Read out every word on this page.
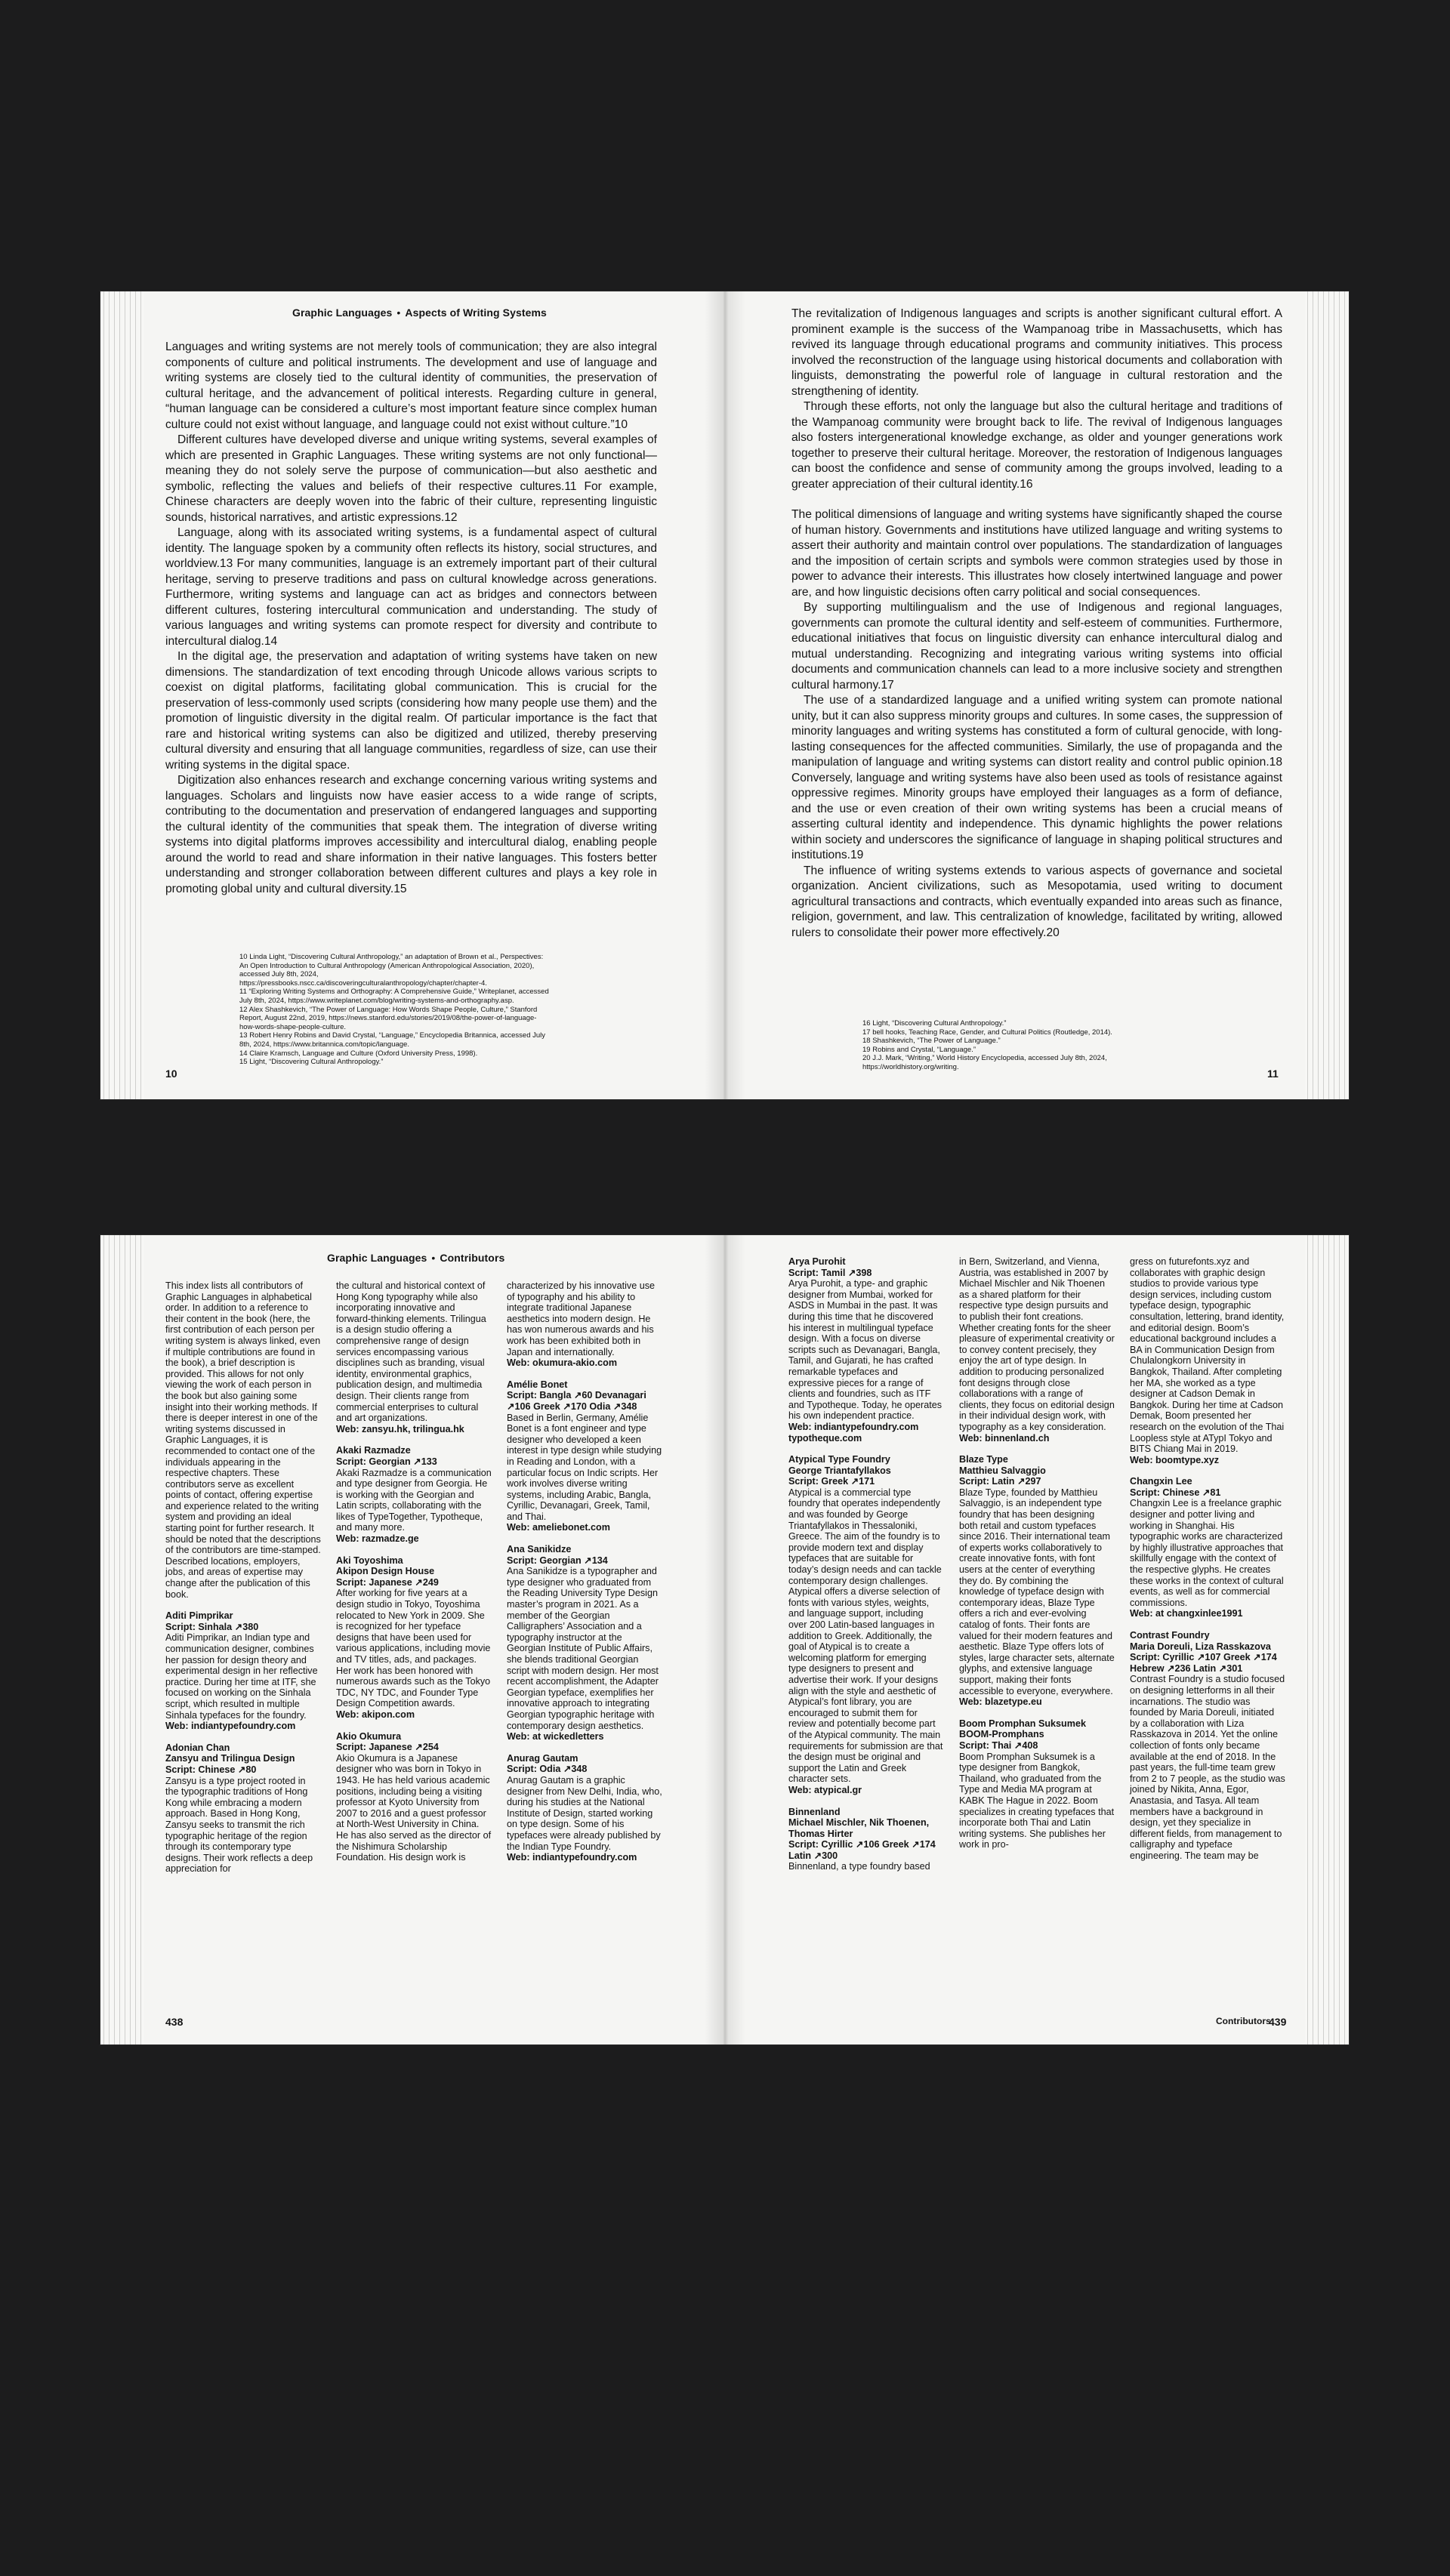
Graphic Languages • Aspects of Writing Systems

Languages and writing systems are not merely tools of communication; they are also integral components of culture and political instruments. The development and use of language and writing systems are closely tied to the cultural identity of communities, the preservation of cultural heritage, and the advancement of political interests. Regarding culture in general, “human language can be considered a culture’s most important feature since complex human culture could not exist without language, and language could not exist without culture.”10

Different cultures have developed diverse and unique writing systems, several examples of which are presented in Graphic Languages. These writing systems are not only functional—meaning they do not solely serve the purpose of communication—but also aesthetic and symbolic, reflecting the values and beliefs of their respective cultures.11 For example, Chinese characters are deeply woven into the fabric of their culture, representing linguistic sounds, historical narratives, and artistic expressions.12

Language, along with its associated writing systems, is a fundamental aspect of cultural identity. The language spoken by a community often reflects its history, social structures, and worldview.13 For many communities, language is an extremely important part of their cultural heritage, serving to preserve traditions and pass on cultural knowledge across generations. Furthermore, writing systems and language can act as bridges and connectors between different cultures, fostering intercultural communication and understanding. The study of various languages and writing systems can promote respect for diversity and contribute to intercultural dialog.14

In the digital age, the preservation and adaptation of writing systems have taken on new dimensions. The standardization of text encoding through Unicode allows various scripts to coexist on digital platforms, facilitating global communication. This is crucial for the preservation of less-commonly used scripts (considering how many people use them) and the promotion of linguistic diversity in the digital realm. Of particular importance is the fact that rare and historical writing systems can also be digitized and utilized, thereby preserving cultural diversity and ensuring that all language communities, regardless of size, can use their writing systems in the digital space.

Digitization also enhances research and exchange concerning various writing systems and languages. Scholars and linguists now have easier access to a wide range of scripts, contributing to the documentation and preservation of endangered languages and supporting the cultural identity of the communities that speak them. The integration of diverse writing systems into digital platforms improves accessibility and intercultural dialog, enabling people around the world to read and share information in their native languages. This fosters better understanding and stronger collaboration between different cultures and plays a key role in promoting global unity and cultural diversity.15

10 Linda Light, “Discovering Cultural Anthropology,” an adaptation of Brown et al., Perspectives: An Open Introduction to Cultural Anthropology (American Anthropological Association, 2020), accessed July 8th, 2024, https://pressbooks.nscc.ca/discoveringculturalanthropology/chapter/chapter-4.
11 “Exploring Writing Systems and Orthography: A Comprehensive Guide,” Writeplanet, accessed July 8th, 2024, https://www.writeplanet.com/blog/writing-systems-and-orthography.asp.
12 Alex Shashkevich, “The Power of Language: How Words Shape People, Culture,” Stanford Report, August 22nd, 2019, https://news.stanford.edu/stories/2019/08/the-power-of-language-how-words-shape-people-culture.
13 Robert Henry Robins and David Crystal, “Language,” Encyclopedia Britannica, accessed July 8th, 2024, https://www.britannica.com/topic/language.
14 Claire Kramsch, Language and Culture (Oxford University Press, 1998).
15 Light, “Discovering Cultural Anthropology.”
10

The revitalization of Indigenous languages and scripts is another significant cultural effort. A prominent example is the success of the Wampanoag tribe in Massachusetts, which has revived its language through educational programs and community initiatives. This process involved the reconstruction of the language using historical documents and collaboration with linguists, demonstrating the powerful role of language in cultural restoration and the strengthening of identity.

Through these efforts, not only the language but also the cultural heritage and traditions of the Wampanoag community were brought back to life. The revival of Indigenous languages also fosters intergenerational knowledge exchange, as older and younger generations work together to preserve their cultural heritage. Moreover, the restoration of Indigenous languages can boost the confidence and sense of community among the groups involved, leading to a greater appreciation of their cultural identity.16

The political dimensions of language and writing systems have significantly shaped the course of human history. Governments and institutions have utilized language and writing systems to assert their authority and maintain control over populations. The standardization of languages and the imposition of certain scripts and symbols were common strategies used by those in power to advance their interests. This illustrates how closely intertwined language and power are, and how linguistic decisions often carry political and social consequences.

By supporting multilingualism and the use of Indigenous and regional languages, governments can promote the cultural identity and self-esteem of communities. Furthermore, educational initiatives that focus on linguistic diversity can enhance intercultural dialog and mutual understanding. Recognizing and integrating various writing systems into official documents and communication channels can lead to a more inclusive society and strengthen cultural harmony.17

The use of a standardized language and a unified writing system can promote national unity, but it can also suppress minority groups and cultures. In some cases, the suppression of minority languages and writing systems has constituted a form of cultural genocide, with long-lasting consequences for the affected communities. Similarly, the use of propaganda and the manipulation of language and writing systems can distort reality and control public opinion.18 Conversely, language and writing systems have also been used as tools of resistance against oppressive regimes. Minority groups have employed their languages as a form of defiance, and the use or even creation of their own writing systems has been a crucial means of asserting cultural identity and independence. This dynamic highlights the power relations within society and underscores the significance of language in shaping political structures and institutions.19

The influence of writing systems extends to various aspects of governance and societal organization. Ancient civilizations, such as Mesopotamia, used writing to document agricultural transactions and contracts, which eventually expanded into areas such as finance, religion, government, and law. This centralization of knowledge, facilitated by writing, allowed rulers to consolidate their power more effectively.20

16 Light, “Discovering Cultural Anthropology.”
17 bell hooks, Teaching Race, Gender, and Cultural Politics (Routledge, 2014).
18 Shashkevich, “The Power of Language.”
19 Robins and Crystal, “Language.”
20 J.J. Mark, “Writing,” World History Encyclopedia, accessed July 8th, 2024, https://worldhistory.org/writing.
11
Graphic Languages • Contributors

This index lists all contributors of Graphic Languages in alphabetical order. In addition to a reference to their content in the book (here, the first contribution of each person per writing system is always linked, even if multiple contributions are found in the book), a brief description is provided. This allows for not only viewing the work of each person in the book but also gaining some insight into their working methods. If there is deeper interest in one of the writing systems discussed in Graphic Languages, it is recommended to contact one of the individuals appearing in the respective chapters. These contributors serve as excellent points of contact, offering expertise and experience related to the writing system and providing an ideal starting point for further research. It should be noted that the descriptions of the contributors are time-stamped. Described locations, employers, jobs, and areas of expertise may change after the publication of this book.

Aditi Pimprikar
Script: Sinhala ↗380
Aditi Pimprikar, an Indian type and communication designer, combines her passion for design theory and experimental design in her reflective practice. During her time at ITF, she focused on working on the Sinhala script, which resulted in multiple Sinhala typefaces for the foundry.
Web: indiantypefoundry.com
Adonian Chan
Zansyu and Trilingua Design
Script: Chinese ↗80
Zansyu is a type project rooted in the typographic traditions of Hong Kong while embracing a modern approach. Based in Hong Kong, Zansyu seeks to transmit the rich typographic heritage of the region through its contemporary type designs. Their work reflects a deep appreciation for
the cultural and historical context of Hong Kong typography while also incorporating innovative and forward-thinking elements. Trilingua is a design studio offering a comprehensive range of design services encompassing various disciplines such as branding, visual identity, environmental graphics, publication design, and multimedia design. Their clients range from commercial enterprises to cultural and art organizations.
Web: zansyu.hk, trilingua.hk
Akaki Razmadze
Script: Georgian ↗133
Akaki Razmadze is a communication and type designer from Georgia. He is working with the Georgian and Latin scripts, collaborating with the likes of TypeTogether, Typotheque, and many more.
Web: razmadze.ge
Aki Toyoshima
Akipon Design House
Script: Japanese ↗249
After working for five years at a design studio in Tokyo, Toyoshima relocated to New York in 2009. She is recognized for her typeface designs that have been used for various applications, including movie and TV titles, ads, and packages. Her work has been honored with numerous awards such as the Tokyo TDC, NY TDC, and Founder Type Design Competition awards.
Web: akipon.com
Akio Okumura
Script: Japanese ↗254
Akio Okumura is a Japanese designer who was born in Tokyo in 1943. He has held various academic positions, including being a visiting professor at Kyoto University from 2007 to 2016 and a guest professor at North-West University in China. He has also served as the director of the Nishimura Scholarship Foundation. His design work is
characterized by his innovative use of typography and his ability to integrate traditional Japanese aesthetics into modern design. He has won numerous awards and his work has been exhibited both in Japan and internationally.
Web: okumura-akio.com
Amélie Bonet
Script: Bangla ↗60 Devanagari ↗106 Greek ↗170 Odia ↗348
Based in Berlin, Germany, Amélie Bonet is a font engineer and type designer who developed a keen interest in type design while studying in Reading and London, with a particular focus on Indic scripts. Her work involves diverse writing systems, including Arabic, Bangla, Cyrillic, Devanagari, Greek, Tamil, and Thai.
Web: ameliebonet.com
Ana Sanikidze
Script: Georgian ↗134
Ana Sanikidze is a typographer and type designer who graduated from the Reading University Type Design master’s program in 2021. As a member of the Georgian Calligraphers’ Association and a typography instructor at the Georgian Institute of Public Affairs, she blends traditional Georgian script with modern design. Her most recent accomplishment, the Adapter Georgian typeface, exemplifies her innovative approach to integrating Georgian typographic heritage with contemporary design aesthetics.
Web: at wickedletters
Anurag Gautam
Script: Odia ↗348
Anurag Gautam is a graphic designer from New Delhi, India, who, during his studies at the National Institute of Design, started working on type design. Some of his typefaces were already published by the Indian Type Foundry.
Web: indiantypefoundry.com
438
Arya Purohit
Script: Tamil ↗398
Arya Purohit, a type- and graphic designer from Mumbai, worked for ASDS in Mumbai in the past. It was during this time that he discovered his interest in multilingual typeface design. With a focus on diverse scripts such as Devanagari, Bangla, Tamil, and Gujarati, he has crafted remarkable typefaces and expressive pieces for a range of clients and foundries, such as ITF and Typotheque. Today, he operates his own independent practice.
Web: indiantypefoundry.com typotheque.com
Atypical Type Foundry
George Triantafyllakos
Script: Greek ↗171
Atypical is a commercial type foundry that operates independently and was founded by George Triantafyllakos in Thessaloniki, Greece. The aim of the foundry is to provide modern text and display typefaces that are suitable for today’s design needs and can tackle contemporary design challenges. Atypical offers a diverse selection of fonts with various styles, weights, and language support, including over 200 Latin-based languages in addition to Greek. Additionally, the goal of Atypical is to create a welcoming platform for emerging type designers to present and advertise their work. If your designs align with the style and aesthetic of Atypical’s font library, you are encouraged to submit them for review and potentially become part of the Atypical community. The main requirements for submission are that the design must be original and support the Latin and Greek character sets.
Web: atypical.gr
Binnenland
Michael Mischler, Nik Thoenen, Thomas Hirter
Script: Cyrillic ↗106 Greek ↗174 Latin ↗300
Binnenland, a type foundry based
in Bern, Switzerland, and Vienna, Austria, was established in 2007 by Michael Mischler and Nik Thoenen as a shared platform for their respective type design pursuits and to publish their font creations. Whether creating fonts for the sheer pleasure of experimental creativity or to convey content precisely, they enjoy the art of type design. In addition to producing personalized font designs through close collaborations with a range of clients, they focus on editorial design in their individual design work, with typography as a key consideration.
Web: binnenland.ch
Blaze Type
Matthieu Salvaggio
Script: Latin ↗297
Blaze Type, founded by Matthieu Salvaggio, is an independent type foundry that has been designing both retail and custom typefaces since 2016. Their international team of experts works collaboratively to create innovative fonts, with font users at the center of everything they do. By combining the knowledge of typeface design with contemporary ideas, Blaze Type offers a rich and ever-evolving catalog of fonts. Their fonts are valued for their modern features and aesthetic. Blaze Type offers lots of styles, large character sets, alternate glyphs, and extensive language support, making their fonts accessible to everyone, everywhere.
Web: blazetype.eu
Boom Promphan Suksumek
BOOM-Promphans
Script: Thai ↗408
Boom Promphan Suksumek is a type designer from Bangkok, Thailand, who graduated from the Type and Media MA program at KABK The Hague in 2022. Boom specializes in creating typefaces that incorporate both Thai and Latin writing systems. She publishes her work in pro-
gress on futurefonts.xyz and collaborates with graphic design studios to provide various type design services, including custom typeface design, typographic consultation, lettering, brand identity, and editorial design. Boom’s educational background includes a BA in Communication Design from Chulalongkorn University in Bangkok, Thailand. After completing her MA, she worked as a type designer at Cadson Demak in Bangkok. During her time at Cadson Demak, Boom presented her research on the evolution of the Thai Loopless style at ATypI Tokyo and BITS Chiang Mai in 2019.
Web: boomtype.xyz
Changxin Lee
Script: Chinese ↗81
Changxin Lee is a freelance graphic designer and potter living and working in Shanghai. His typographic works are characterized by highly illustrative approaches that skillfully engage with the context of the respective glyphs. He creates these works in the context of cultural events, as well as for commercial commissions.
Web: at changxinlee1991
Contrast Foundry
Maria Doreuli, Liza Rasskazova
Script: Cyrillic ↗107 Greek ↗174 Hebrew ↗236 Latin ↗301
Contrast Foundry is a studio focused on designing letterforms in all their incarnations. The studio was founded by Maria Doreuli, initiated by a collaboration with Liza Rasskazova in 2014. Yet the online collection of fonts only became available at the end of 2018. In the past years, the full-time team grew from 2 to 7 people, as the studio was joined by Nikita, Anna, Egor, Anastasia, and Tasya. All team members have a background in design, yet they specialize in different fields, from management to calligraphy and typeface engineering. The team may be
Contributors
439
